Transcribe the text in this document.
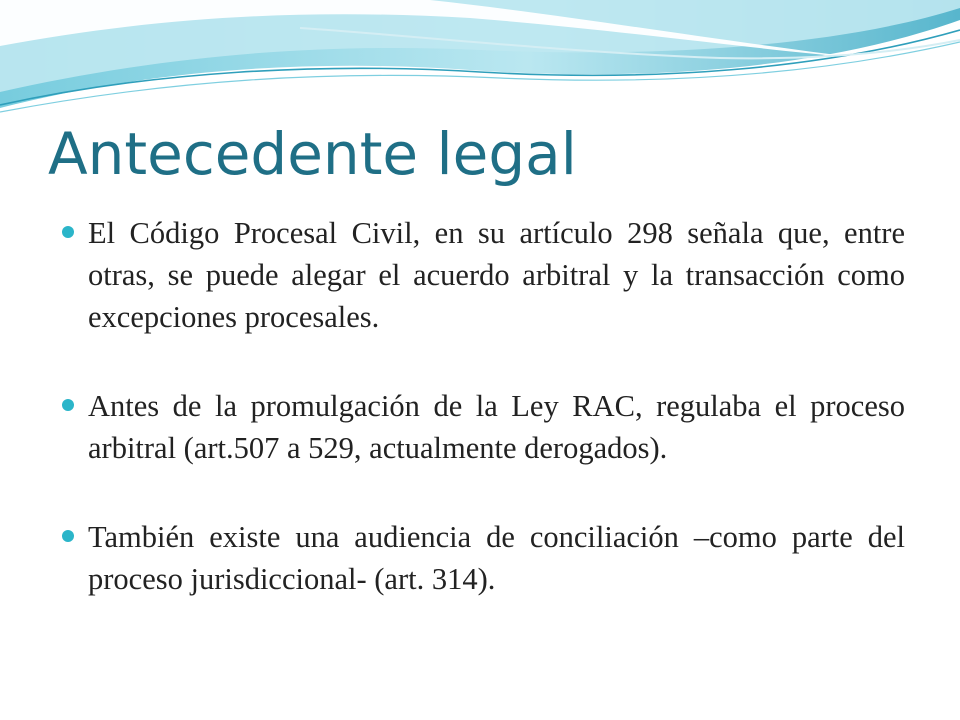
Antecedente legal
El Código Procesal Civil, en su artículo 298 señala que, entre otras, se puede alegar el acuerdo arbitral y la transacción como excepciones procesales.
Antes de la promulgación de la Ley RAC, regulaba el proceso arbitral (art.507 a 529, actualmente derogados).
También existe una audiencia de conciliación –como parte del proceso jurisdiccional- (art. 314).
